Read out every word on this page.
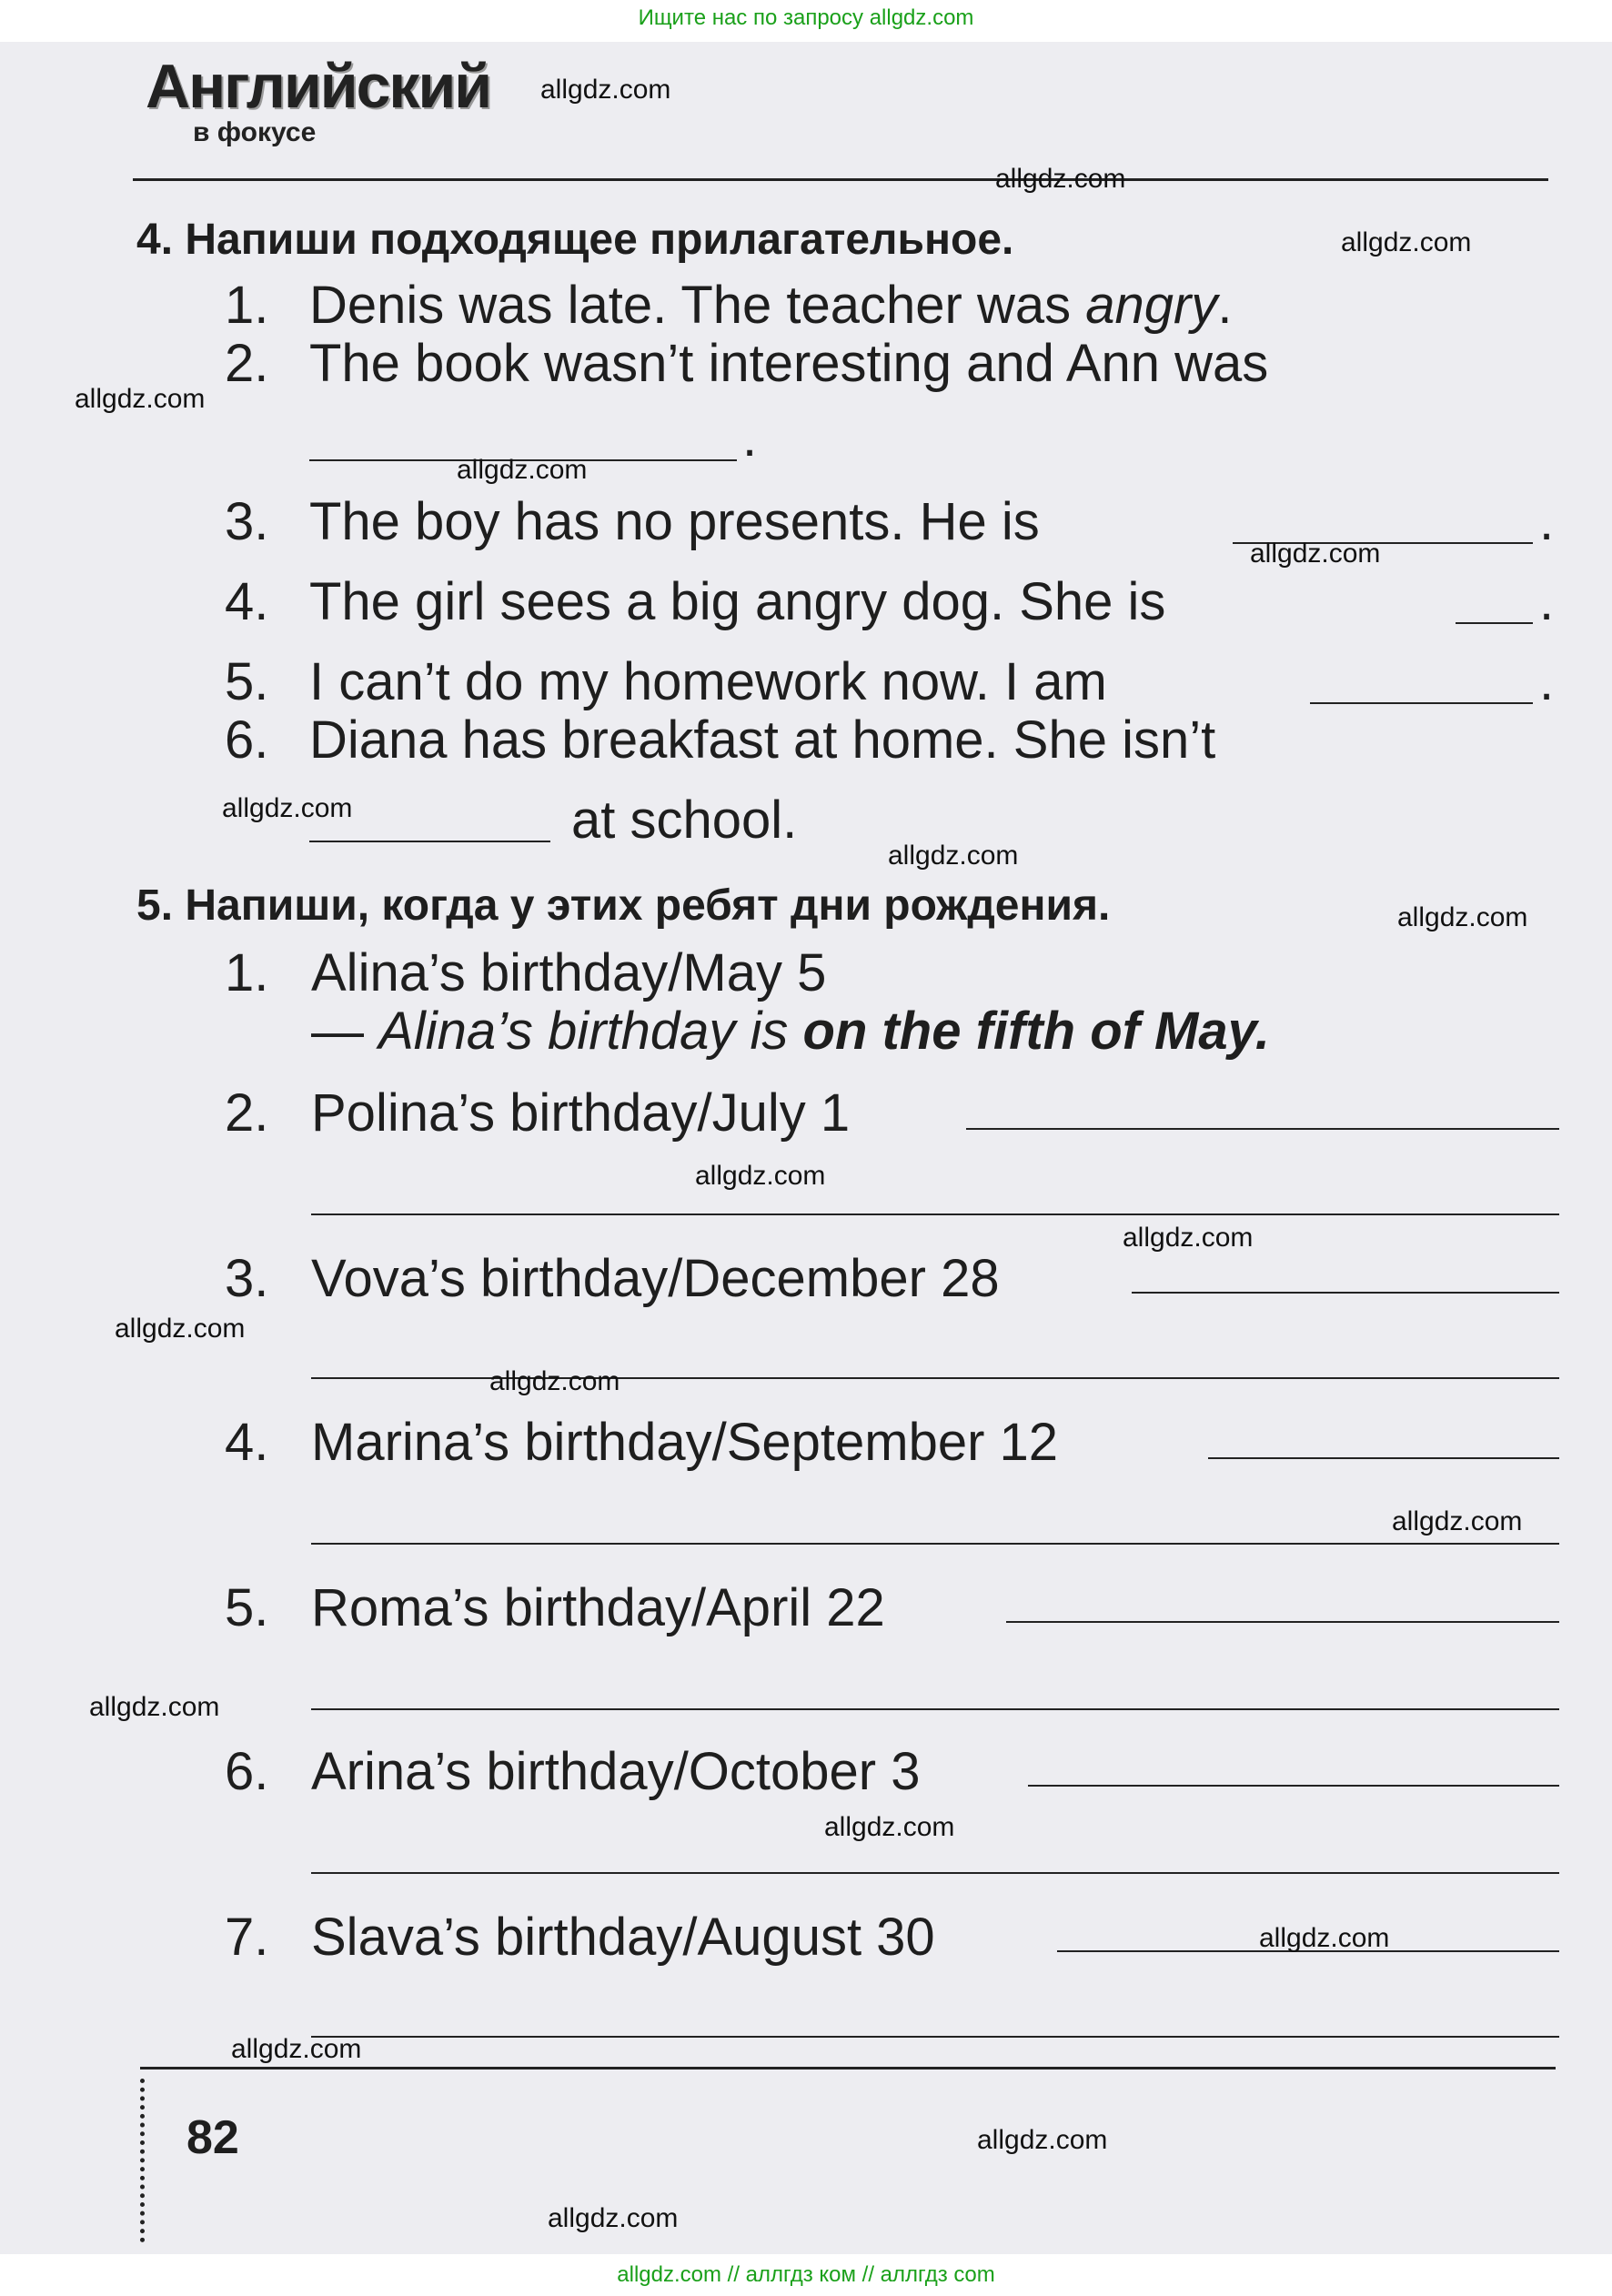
Ищите нас по запросу allgdz.com

Английский
в фокусе
4. Напиши подходящее прилагательное.
1. Denis was late. The teacher was angry.
2. The book wasn’t interesting and Ann was
.
3. The boy has no presents. He is	.
4. The girl sees a big angry dog. She is	.
5. I can’t do my homework now. I am	.
6. Diana has breakfast at home. She isn’t
at school.
5. Напиши, когда у этих ребят дни рождения.
1. Alina’s birthday/May 5
— Alina’s birthday is on the fifth of May.
2. Polina’s birthday/July 1
3. Vova’s birthday/December 28
4. Marina’s birthday/September 12
5. Roma’s birthday/April 22
6. Arina’s birthday/October 3
7. Slava’s birthday/August 30
82
allgdz.com
allgdz.com
allgdz.com
allgdz.com
allgdz.com
allgdz.com
allgdz.com
allgdz.com
allgdz.com
allgdz.com
allgdz.com
allgdz.com
allgdz.com
allgdz.com
allgdz.com
allgdz.com
allgdz.com
allgdz.com
allgdz.com
allgdz.com
allgdz.com // аллгдз ком // аллгдз com
